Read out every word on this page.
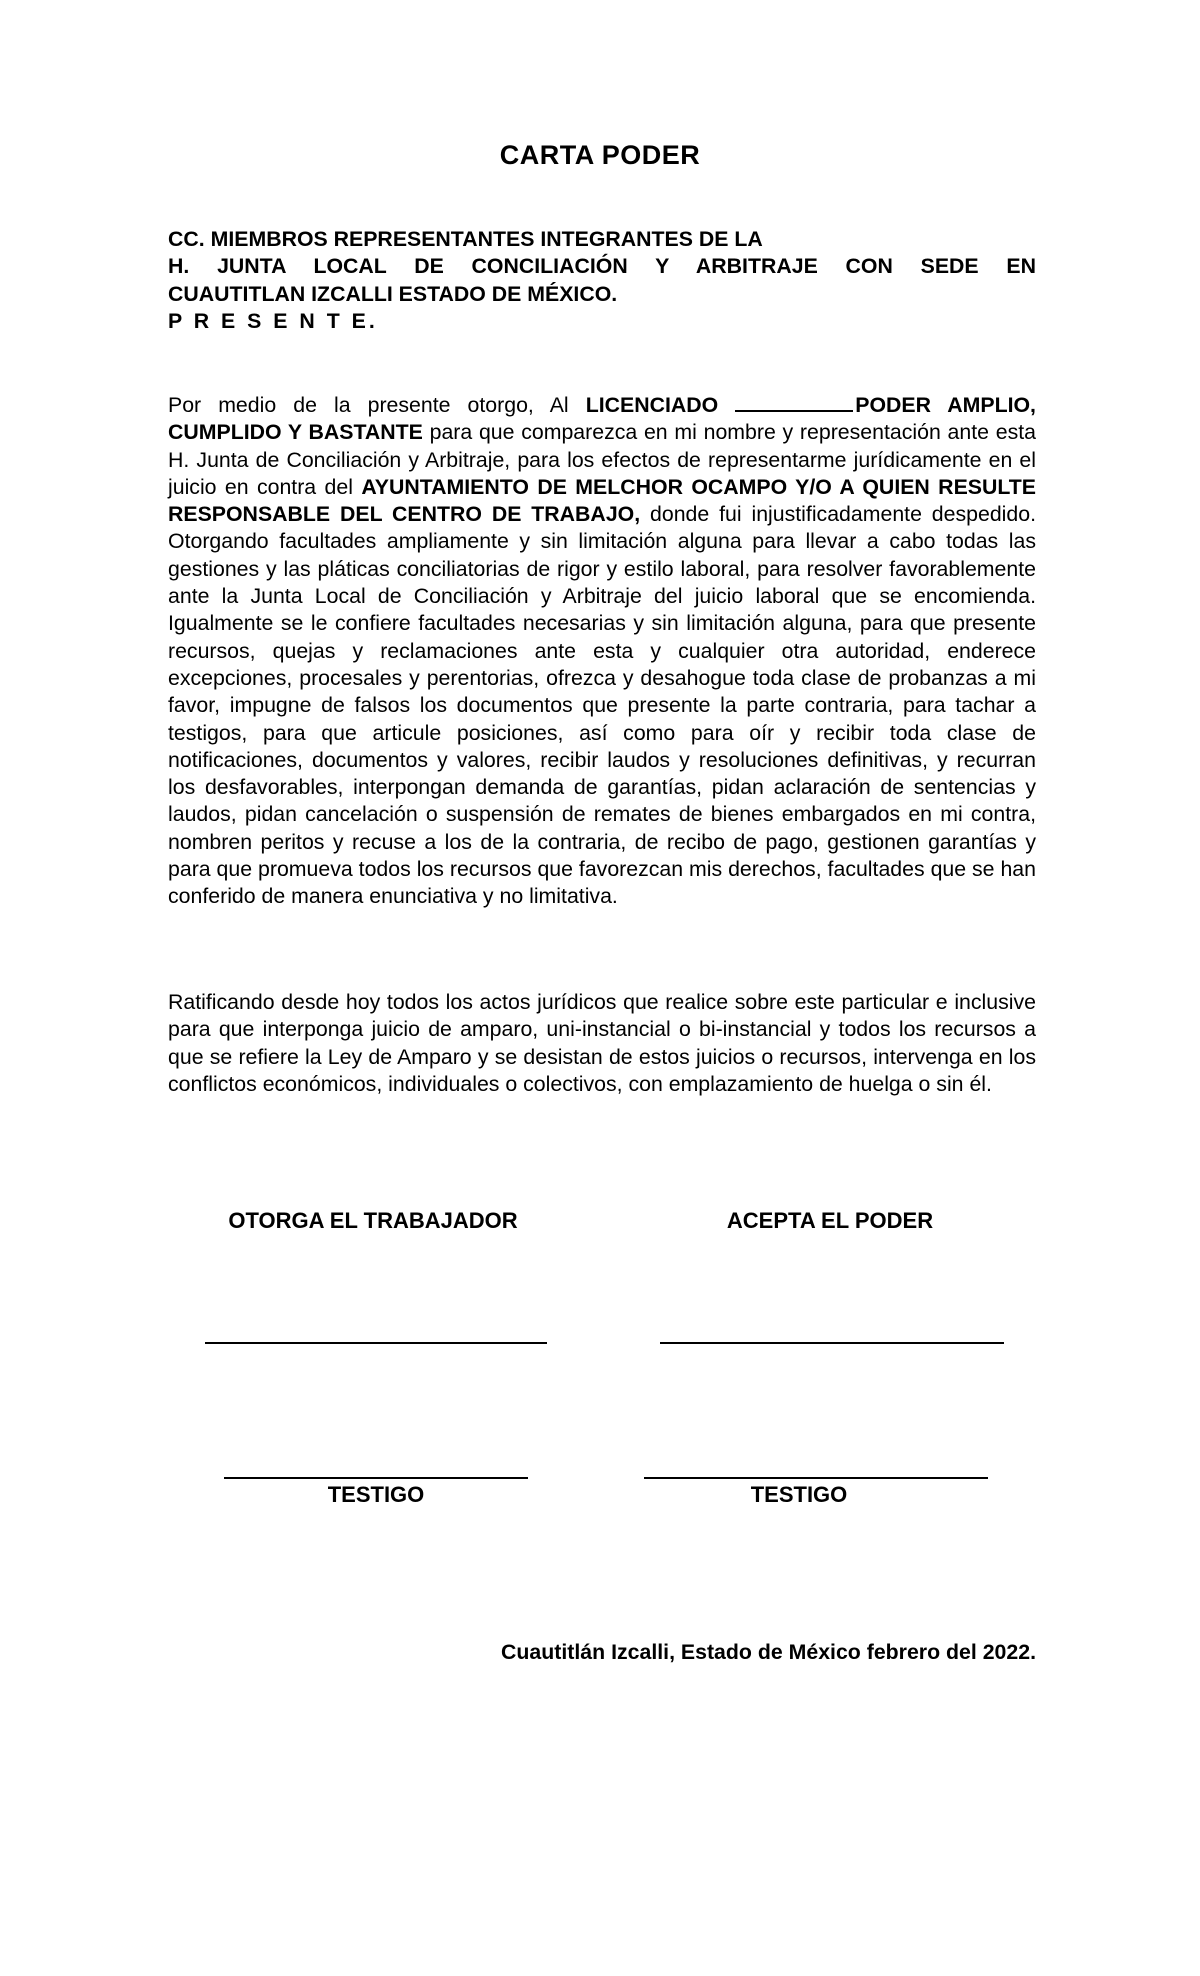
CARTA PODER
CC. MIEMBROS REPRESENTANTES INTEGRANTES DE LA
H. JUNTA LOCAL DE CONCILIACIÓN Y ARBITRAJE CON SEDE EN
CUAUTITLAN IZCALLI ESTADO DE MÉXICO.
P R E S E N T E.
Por medio de la presente otorgo, Al LICENCIADO	PODER AMPLIO, CUMPLIDO Y BASTANTE para que comparezca en mi nombre y representación ante esta H. Junta de Conciliación y Arbitraje, para los efectos de representarme jurídicamente en el juicio en contra del AYUNTAMIENTO DE MELCHOR OCAMPO Y/O A QUIEN RESULTE RESPONSABLE DEL CENTRO DE TRABAJO, donde fui injustificadamente despedido. Otorgando facultades ampliamente y sin limitación alguna para llevar a cabo todas las gestiones y las pláticas conciliatorias de rigor y estilo laboral, para resolver favorablemente ante la Junta Local de Conciliación y Arbitraje del juicio laboral que se encomienda. Igualmente se le confiere facultades necesarias y sin limitación alguna, para que presente recursos, quejas y reclamaciones ante esta y cualquier otra autoridad, enderece excepciones, procesales y perentorias, ofrezca y desahogue toda clase de probanzas a mi favor, impugne de falsos los documentos que presente la parte contraria, para tachar a testigos, para que articule posiciones, así como para oír y recibir toda clase de notificaciones, documentos y valores, recibir laudos y resoluciones definitivas, y recurran los desfavorables, interpongan demanda de garantías, pidan aclaración de sentencias y laudos, pidan cancelación o suspensión de remates de bienes embargados en mi contra, nombren peritos y recuse a los de la contraria, de recibo de pago, gestionen garantías y para que promueva todos los recursos que favorezcan mis derechos, facultades que se han conferido de manera enunciativa y no limitativa.
Ratificando desde hoy todos los actos jurídicos que realice sobre este particular e inclusive para que interponga juicio de amparo, uni-instancial o bi-instancial y todos los recursos a que se refiere la Ley de Amparo y se desistan de estos juicios o recursos, intervenga en los conflictos económicos, individuales o colectivos, con emplazamiento de huelga o sin él.
OTORGA EL TRABAJADOR	ACEPTA EL PODER
TESTIGO	TESTIGO
Cuautitlán Izcalli, Estado de México febrero del 2022.
